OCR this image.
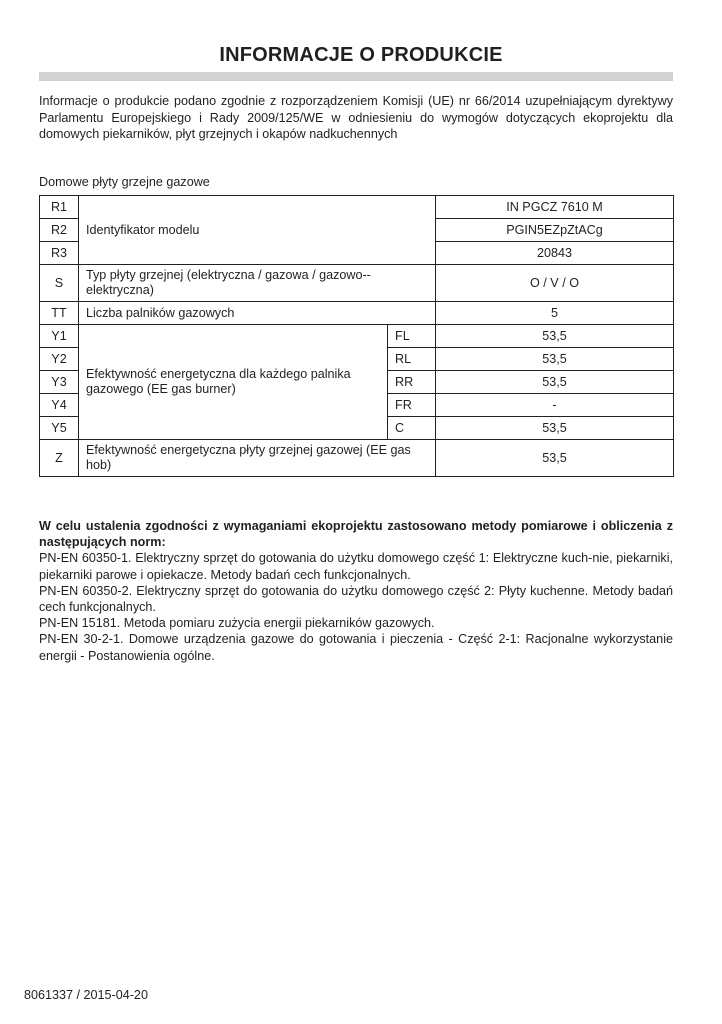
INFORMACJE O PRODUKCIE
Informacje o produkcie podano zgodnie z rozporządzeniem Komisji (UE) nr 66/2014 uzupełniającym dyrektywy Parlamentu Europejskiego i Rady 2009/125/WE w odniesieniu do wymogów dotyczących ekoprojektu dla domowych piekarników, płyt grzejnych i okapów nadkuchennych
Domowe płyty grzejne gazowe
R1	Identyfikator modelu		IN PGCZ 7610 M
R2			PGIN5EZpZtACg
R3			20843
S	Typ płyty grzejnej (elektryczna / gazowa / gazowo--elektryczna)		O / V / O
TT	Liczba palników gazowych		5
Y1	Efektywność energetyczna dla każdego palnika gazowego (EE gas burner)	FL	53,5
Y2		RL	53,5
Y3		RR	53,5
Y4		FR	-
Y5		C	53,5
Z	Efektywność energetyczna płyty grzejnej gazowej (EE gas hob)		53,5

W celu ustalenia zgodności z wymaganiami ekoprojektu zastosowano metody pomiarowe i obliczenia z następujących norm:

PN-EN 60350-1. Elektryczny sprzęt do gotowania do użytku domowego część 1: Elektryczne kuch-nie, piekarniki, piekarniki parowe i opiekacze. Metody badań cech funkcjonalnych.

PN-EN 60350-2. Elektryczny sprzęt do gotowania do użytku domowego część 2: Płyty kuchenne. Metody badań cech funkcjonalnych.

PN-EN 15181. Metoda pomiaru zużycia energii piekarników gazowych.

PN-EN 30-2-1. Domowe urządzenia gazowe do gotowania i pieczenia - Część 2-1: Racjonalne wykorzystanie energii - Postanowienia ogólne.

8061337 / 2015-04-20
